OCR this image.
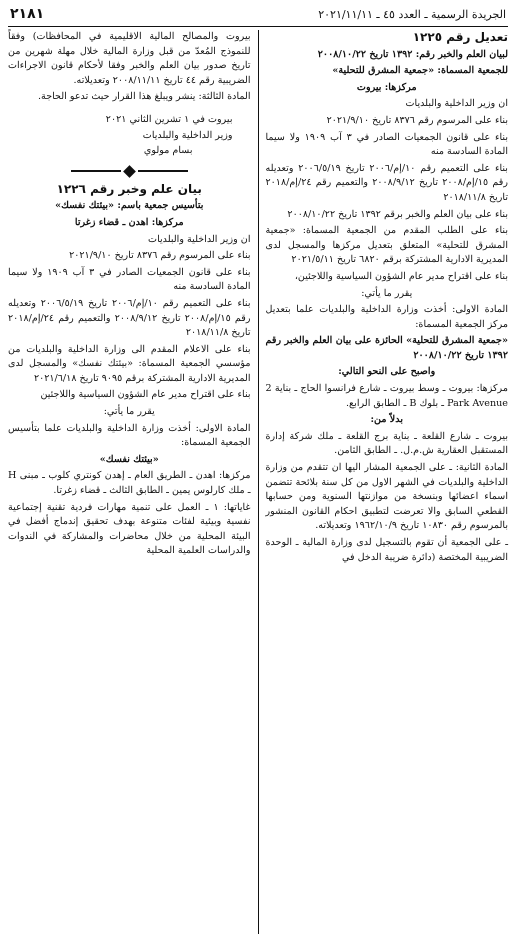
الجريدة الرسمية ـ العدد ٤٥ ـ ٢٠٢١/١١/١١
٢١٨١

تعديل رقم ١٢٢٥

لبيان العلم والخبر رقم: ١٣٩٢ تاريخ ٢٠٠٨/١٠/٢٢

للجمعية المسماة: «جمعية المشرق للتحلية»

مركزها: بيروت

ان وزير الداخلية والبلديات

بناء على المرسوم رقم ٨٣٧٦ تاريخ ٢٠٢١/٩/١٠

بناء على قانون الجمعيات الصادر في ٣ آب ١٩٠٩ ولا سيما المادة السادسة منه

بناء على التعميم رقم ١٠/إم/٢٠٠٦ تاريخ ٢٠٠٦/٥/١٩ وتعديله رقم ١٥/إم/٢٠٠٨ تاريخ ٢٠٠٨/٩/١٢ والتعميم رقم ٢٤/إم/٢٠١٨ تاريخ ٢٠١٨/١١/٨

بناء على بيان العلم والخبر برقم ١٣٩٢ تاريخ ٢٠٠٨/١٠/٢٢

بناء على الطلب المقدم من الجمعية المسماة: «جمعية المشرق للتحلية» المتعلق بتعديل مركزها والمسجل لدى المديرية الادارية المشتركة برقم ٦٨٢٠ تاريخ ٢٠٢١/٥/١١

بناء على اقتراح مدير عام الشؤون السياسية واللاجئين،

يقرر ما يأتي:

المادة الاولى: أخذت وزارة الداخلية والبلديات علما بتعديل مركز الجمعية المسماة:

«جمعية المشرق للتحلية» الحائزة على بيان العلم والخبر رقم ١٣٩٢ تاريخ ٢٠٠٨/١٠/٢٢

واصبح على النحو التالي:

مركزها: بيروت ـ وسط بيروت ـ شارع فرانسوا الحاج ـ بناية 2 Park Avenue ـ بلوك B ـ الطابق الرابع.

بدلاً من:

بيروت ـ شارع القلعة ـ بناية برج القلعة ـ ملك شركة إدارة المستقبل العقارية ش.م.ل. ـ الطابق الثامن.

المادة الثانية: ـ على الجمعية المشار اليها ان تتقدم من وزارة الداخلية والبلديات في الشهر الاول من كل سنة بلائحة تتضمن اسماء اعضائها وبنسخة من موازنتها السنوية ومن حسابها القطعي السابق والا تعرضت لتطبيق احكام القانون المنشور بالمرسوم رقم ١٠٨٣٠ تاريخ ١٩٦٢/١٠/٩ وتعديلاته.

ـ على الجمعية أن تقوم بالتسجيل لدى وزارة المالية ـ الوحدة الضريبية المختصة (دائرة ضريبة الدخل في

بيروت والمصالح المالية الاقليمية في المحافظات) وفقاً للنموذج المُعدّ من قبل وزارة المالية خلال مهلة شهرين من تاريخ صدور بيان العلم والخبر وفقا لأحكام قانون الاجراءات الضريبية رقم ٤٤ تاريخ ٢٠٠٨/١١/١١ وتعديلاته.

المادة الثالثة: ينشر ويبلغ هذا القرار حيث تدعو الحاجة.

بيروت في ١ تشرين الثاني ٢٠٢١

وزير الداخلية والبلديات

بسام مولوي

بيان علم وخبر رقم ١٢٢٦

بتأسيس جمعية باسم: «بيئتك نفسك»

مركزها: اهدن ـ قضاء زغرتا

ان وزير الداخلية والبلديات

بناء على المرسوم رقم ٨٣٧٦ تاريخ ٢٠٢١/٩/١٠

بناء على قانون الجمعيات الصادر في ٣ آب ١٩٠٩ ولا سيما المادة السادسة منه

بناء على التعميم رقم ١٠/إم/٢٠٠٦ تاريخ ٢٠٠٦/٥/١٩ وتعديله رقم ١٥/إم/٢٠٠٨ تاريخ ٢٠٠٨/٩/١٢ والتعميم رقم ٢٤/إم/٢٠١٨ تاريخ ٢٠١٨/١١/٨

بناء على الاعلام المقدم الى وزارة الداخلية والبلديات من مؤسسي الجمعية المسماة: «بيئتك نفسك» والمسجل لدى المديرية الادارية المشتركة برقم ٩٠٩٥ تاريخ ٢٠٢١/٦/١٨

بناء على اقتراح مدير عام الشؤون السياسية واللاجئين

يقرر ما يأتي:

المادة الاولى: أخذت وزارة الداخلية والبلديات علما بتأسيس الجمعية المسماة:

«بيئتك نفسك»

مركزها: اهدن ـ الطريق العام ـ إهدن كونتري كلوب ـ مبنى H ـ ملك كارلوس يمين ـ الطابق الثالث ـ قضاء زغرتا.

غاياتها: ١ ـ العمل على تنمية مهارات فردية تقنية إجتماعية نفسية وبيئية لفئات متنوعة بهدف تحقيق إندماج أفضل في البيئة المحلية من خلال محاضرات والمشاركة في الندوات والدراسات العلمية المحلية
